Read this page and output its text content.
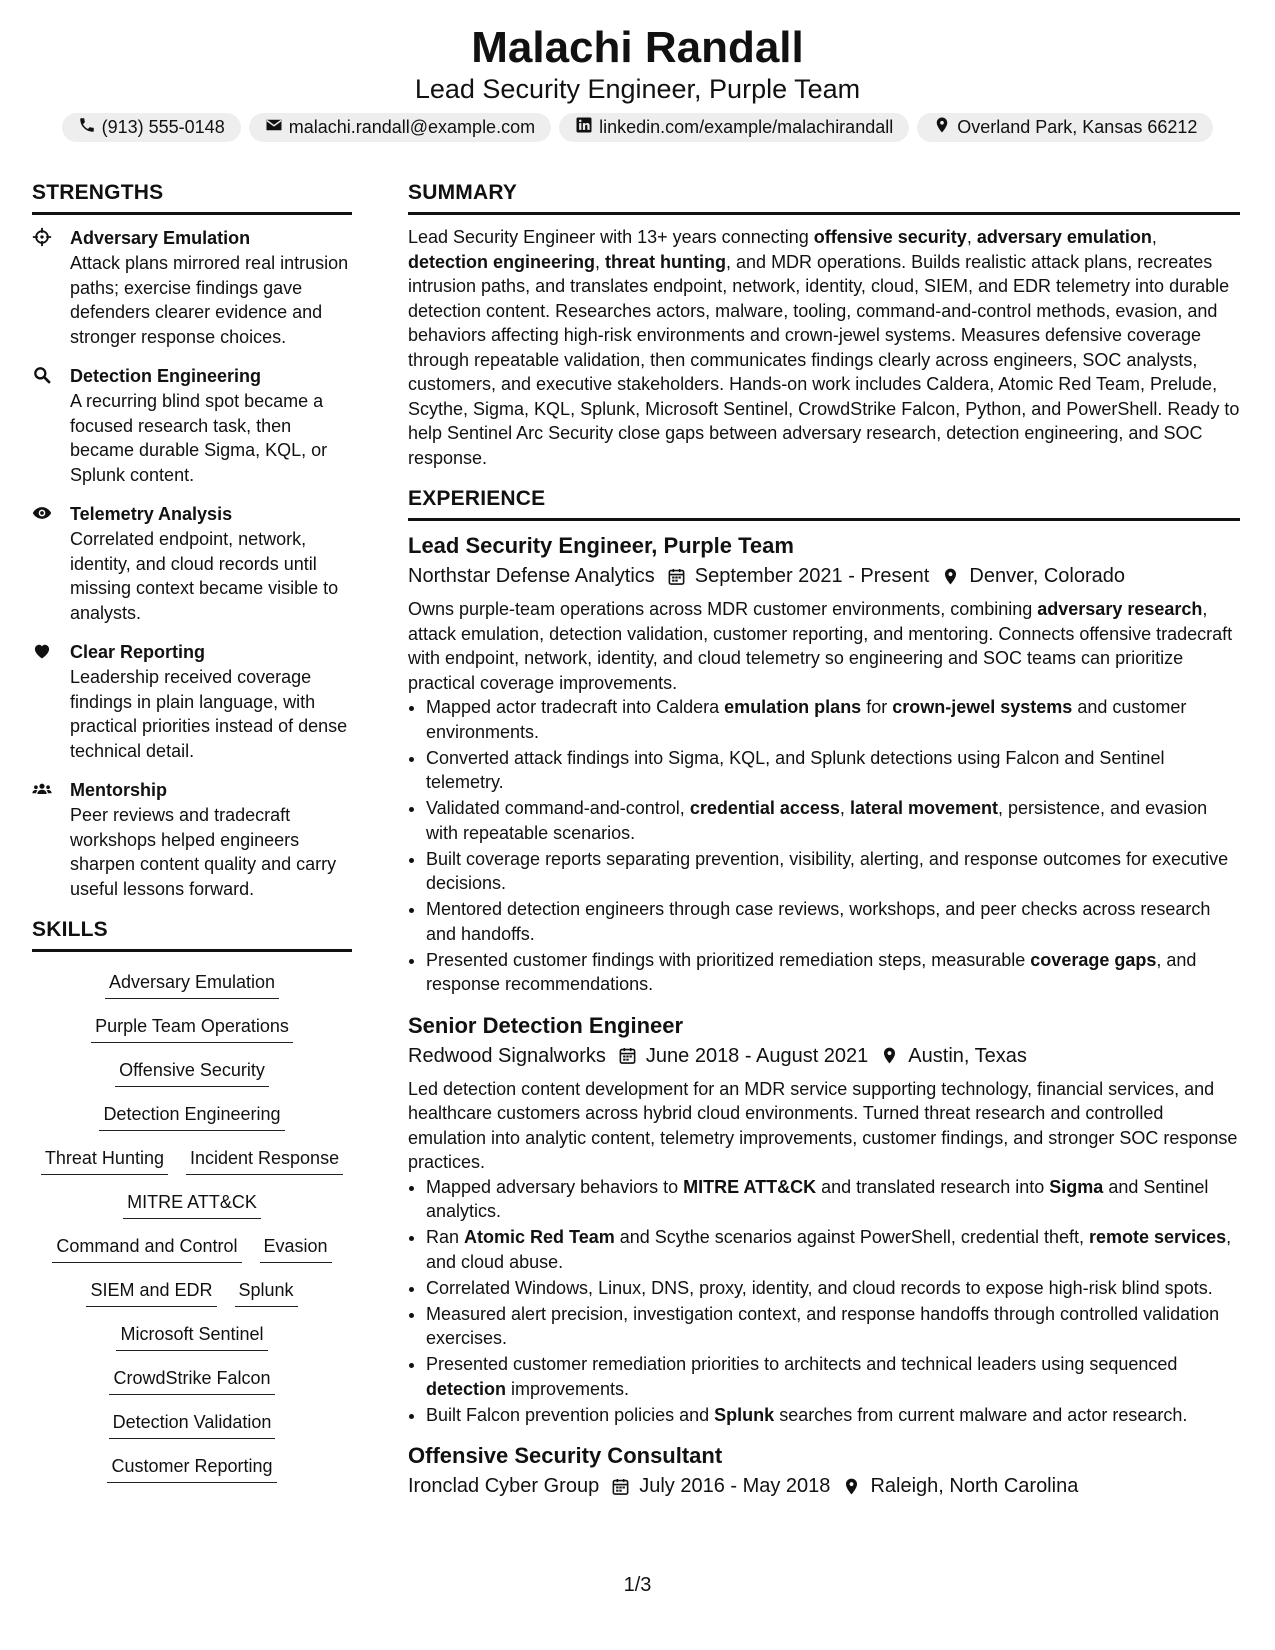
Malachi Randall
Lead Security Engineer, Purple Team
(913) 555-0148	malachi.randall@example.com	linkedin.com/example/malachirandall	Overland Park, Kansas 66212
STRENGTHS
Adversary Emulation
Attack plans mirrored real intrusion paths; exercise findings gave defenders clearer evidence and stronger response choices.
Detection Engineering
A recurring blind spot became a focused research task, then became durable Sigma, KQL, or Splunk content.
Telemetry Analysis
Correlated endpoint, network, identity, and cloud records until missing context became visible to analysts.
Clear Reporting
Leadership received coverage findings in plain language, with practical priorities instead of dense technical detail.
Mentorship
Peer reviews and tradecraft workshops helped engineers sharpen content quality and carry useful lessons forward.
SKILLS
Adversary Emulation
Purple Team Operations
Offensive Security
Detection Engineering
Threat Hunting Incident Response
MITRE ATT&CK
Command and Control Evasion
SIEM and EDR Splunk
Microsoft Sentinel
CrowdStrike Falcon
Detection Validation
Customer Reporting
SUMMARY
Lead Security Engineer with 13+ years connecting offensive security, adversary emulation, detection engineering, threat hunting, and MDR operations. Builds realistic attack plans, recreates intrusion paths, and translates endpoint, network, identity, cloud, SIEM, and EDR telemetry into durable detection content. Researches actors, malware, tooling, command-and-control methods, evasion, and behaviors affecting high-risk environments and crown-jewel systems. Measures defensive coverage through repeatable validation, then communicates findings clearly across engineers, SOC analysts, customers, and executive stakeholders. Hands-on work includes Caldera, Atomic Red Team, Prelude, Scythe, Sigma, KQL, Splunk, Microsoft Sentinel, CrowdStrike Falcon, Python, and PowerShell. Ready to help Sentinel Arc Security close gaps between adversary research, detection engineering, and SOC response.
EXPERIENCE
Lead Security Engineer, Purple Team
Northstar Defense Analytics September 2021 - Present Denver, Colorado
Owns purple-team operations across MDR customer environments, combining adversary research, attack emulation, detection validation, customer reporting, and mentoring. Connects offensive tradecraft with endpoint, network, identity, and cloud telemetry so engineering and SOC teams can prioritize practical coverage improvements.
• Mapped actor tradecraft into Caldera emulation plans for crown-jewel systems and customer environments.
• Converted attack findings into Sigma, KQL, and Splunk detections using Falcon and Sentinel telemetry.
• Validated command-and-control, credential access, lateral movement, persistence, and evasion with repeatable scenarios.
• Built coverage reports separating prevention, visibility, alerting, and response outcomes for executive decisions.
• Mentored detection engineers through case reviews, workshops, and peer checks across research and handoffs.
• Presented customer findings with prioritized remediation steps, measurable coverage gaps, and response recommendations.
Senior Detection Engineer
Redwood Signalworks June 2018 - August 2021 Austin, Texas
Led detection content development for an MDR service supporting technology, financial services, and healthcare customers across hybrid cloud environments. Turned threat research and controlled emulation into analytic content, telemetry improvements, customer findings, and stronger SOC response practices.
• Mapped adversary behaviors to MITRE ATT&CK and translated research into Sigma and Sentinel analytics.
• Ran Atomic Red Team and Scythe scenarios against PowerShell, credential theft, remote services, and cloud abuse.
• Correlated Windows, Linux, DNS, proxy, identity, and cloud records to expose high-risk blind spots.
• Measured alert precision, investigation context, and response handoffs through controlled validation exercises.
• Presented customer remediation priorities to architects and technical leaders using sequenced detection improvements.
• Built Falcon prevention policies and Splunk searches from current malware and actor research.
Offensive Security Consultant
Ironclad Cyber Group July 2016 - May 2018 Raleigh, North Carolina
1/3
